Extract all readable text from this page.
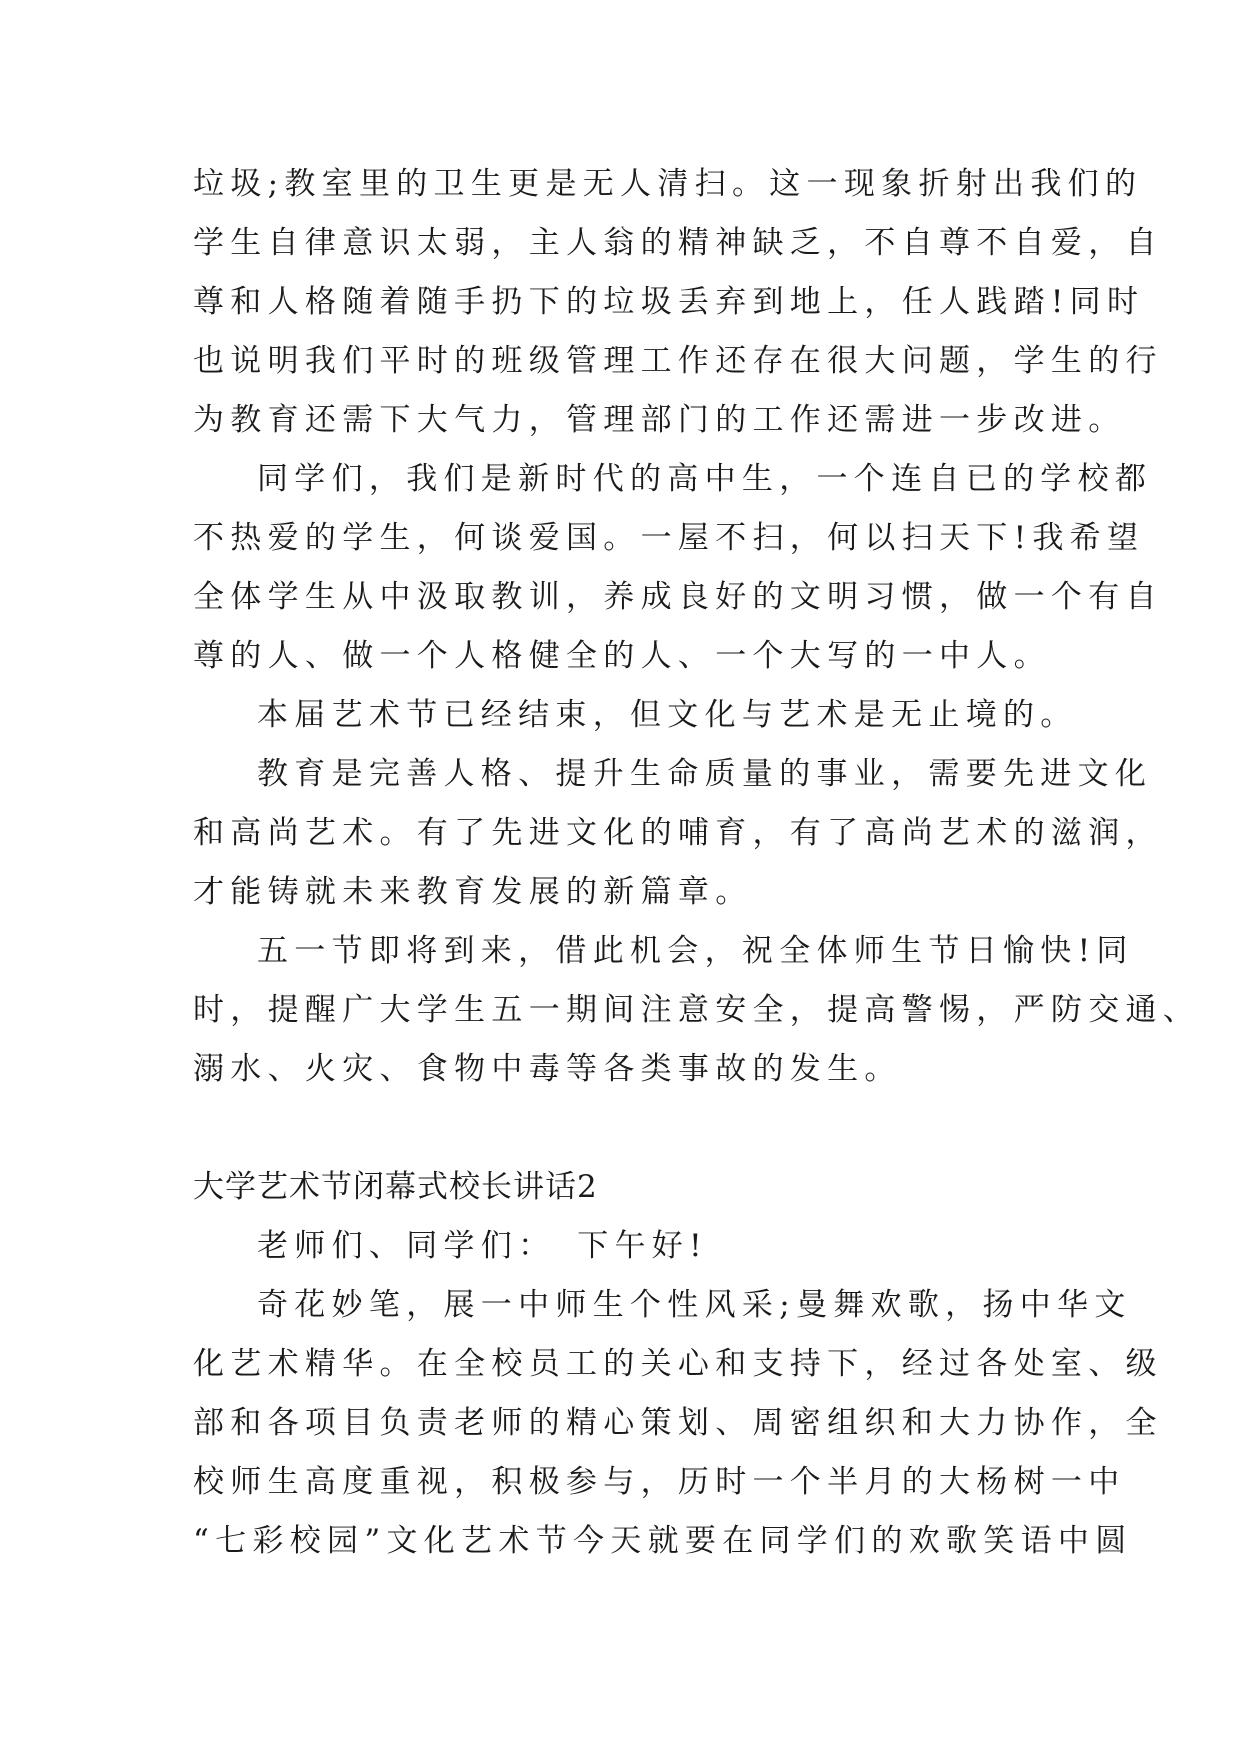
垃圾;教室里的卫生更是无人清扫。这一现象折射出我们的
学生自律意识太弱，主人翁的精神缺乏，不自尊不自爱，自
尊和人格随着随手扔下的垃圾丢弃到地上，任人践踏!同时
也说明我们平时的班级管理工作还存在很大问题，学生的行
为教育还需下大气力，管理部门的工作还需进一步改进。
同学们，我们是新时代的高中生，一个连自已的学校都
不热爱的学生，何谈爱国。一屋不扫，何以扫天下!我希望
全体学生从中汲取教训，养成良好的文明习惯，做一个有自
尊的人、做一个人格健全的人、一个大写的一中人。
本届艺术节已经结束，但文化与艺术是无止境的。
教育是完善人格、提升生命质量的事业，需要先进文化
和高尚艺术。有了先进文化的哺育，有了高尚艺术的滋润，
才能铸就未来教育发展的新篇章。
五一节即将到来，借此机会，祝全体师生节日愉快!同
时，提醒广大学生五一期间注意安全，提高警惕，严防交通、
溺水、火灾、食物中毒等各类事故的发生。
大学艺术节闭幕式校长讲话2
老师们、同学们：　下午好!
奇花妙笔，展一中师生个性风采;曼舞欢歌，扬中华文
化艺术精华。在全校员工的关心和支持下，经过各处室、级
部和各项目负责老师的精心策划、周密组织和大力协作，全
校师生高度重视，积极参与，历时一个半月的大杨树一中
“七彩校园”文化艺术节今天就要在同学们的欢歌笑语中圆
